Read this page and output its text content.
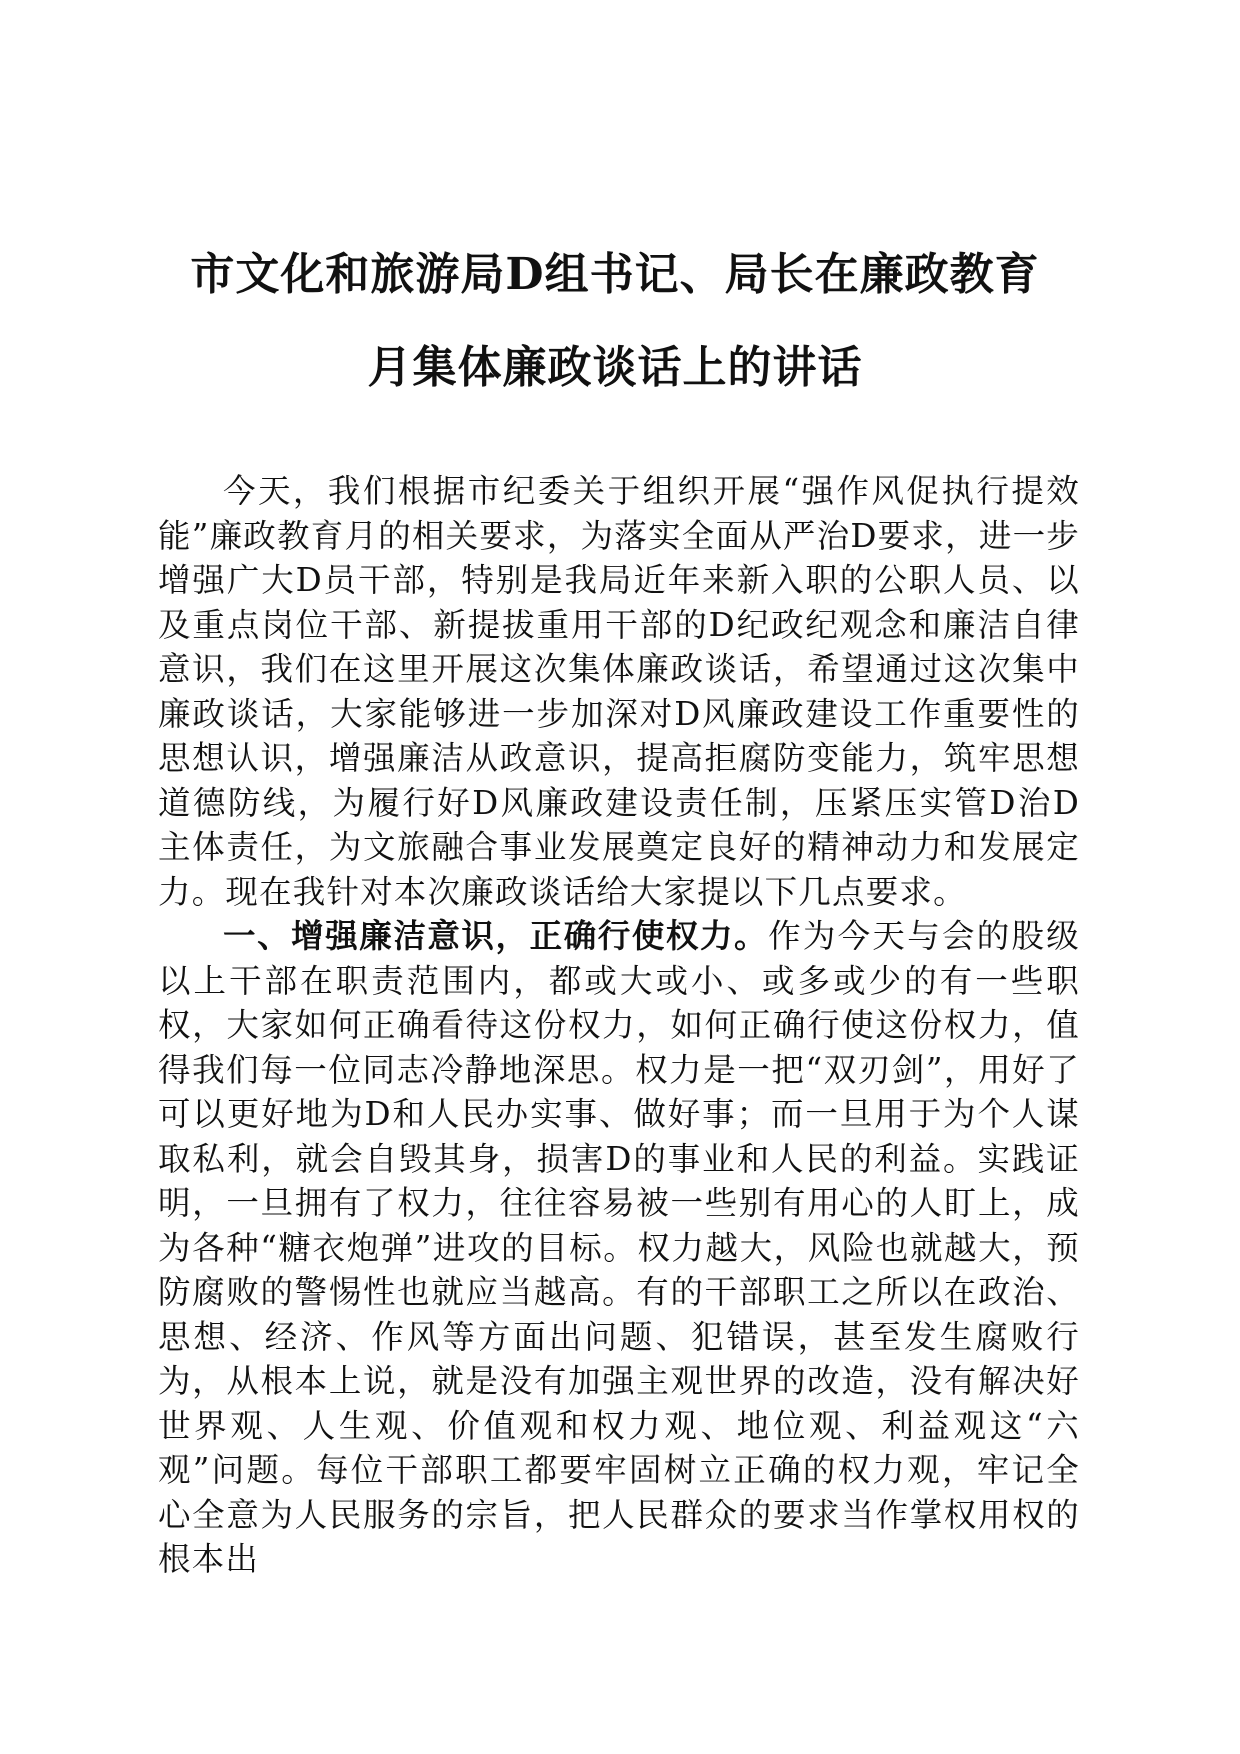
市文化和旅游局D组书记、局长在廉政教育
月集体廉政谈话上的讲话

今天，我们根据市纪委关于组织开展“强作风促执行提效能”廉政教育月的相关要求，为落实全面从严治D要求，进一步增强广大D员干部，特别是我局近年来新入职的公职人员、以及重点岗位干部、新提拔重用干部的D纪政纪观念和廉洁自律意识，我们在这里开展这次集体廉政谈话，希望通过这次集中廉政谈话，大家能够进一步加深对D风廉政建设工作重要性的思想认识，增强廉洁从政意识，提高拒腐防变能力，筑牢思想道德防线，为履行好D风廉政建设责任制，压紧压实管D治D主体责任，为文旅融合事业发展奠定良好的精神动力和发展定力。现在我针对本次廉政谈话给大家提以下几点要求。

一、增强廉洁意识，正确行使权力。作为今天与会的股级以上干部在职责范围内，都或大或小、或多或少的有一些职权，大家如何正确看待这份权力，如何正确行使这份权力，值得我们每一位同志冷静地深思。权力是一把“双刃剑”，用好了可以更好地为D和人民办实事、做好事；而一旦用于为个人谋取私利，就会自毁其身，损害D的事业和人民的利益。实践证明，一旦拥有了权力，往往容易被一些别有用心的人盯上，成为各种“糖衣炮弹”进攻的目标。权力越大，风险也就越大，预防腐败的警惕性也就应当越高。有的干部职工之所以在政治、思想、经济、作风等方面出问题、犯错误，甚至发生腐败行为，从根本上说，就是没有加强主观世界的改造，没有解决好世界观、人生观、价值观和权力观、地位观、利益观这“六观”问题。每位干部职工都要牢固树立正确的权力观，牢记全心全意为人民服务的宗旨，把人民群众的要求当作掌权用权的根本出
